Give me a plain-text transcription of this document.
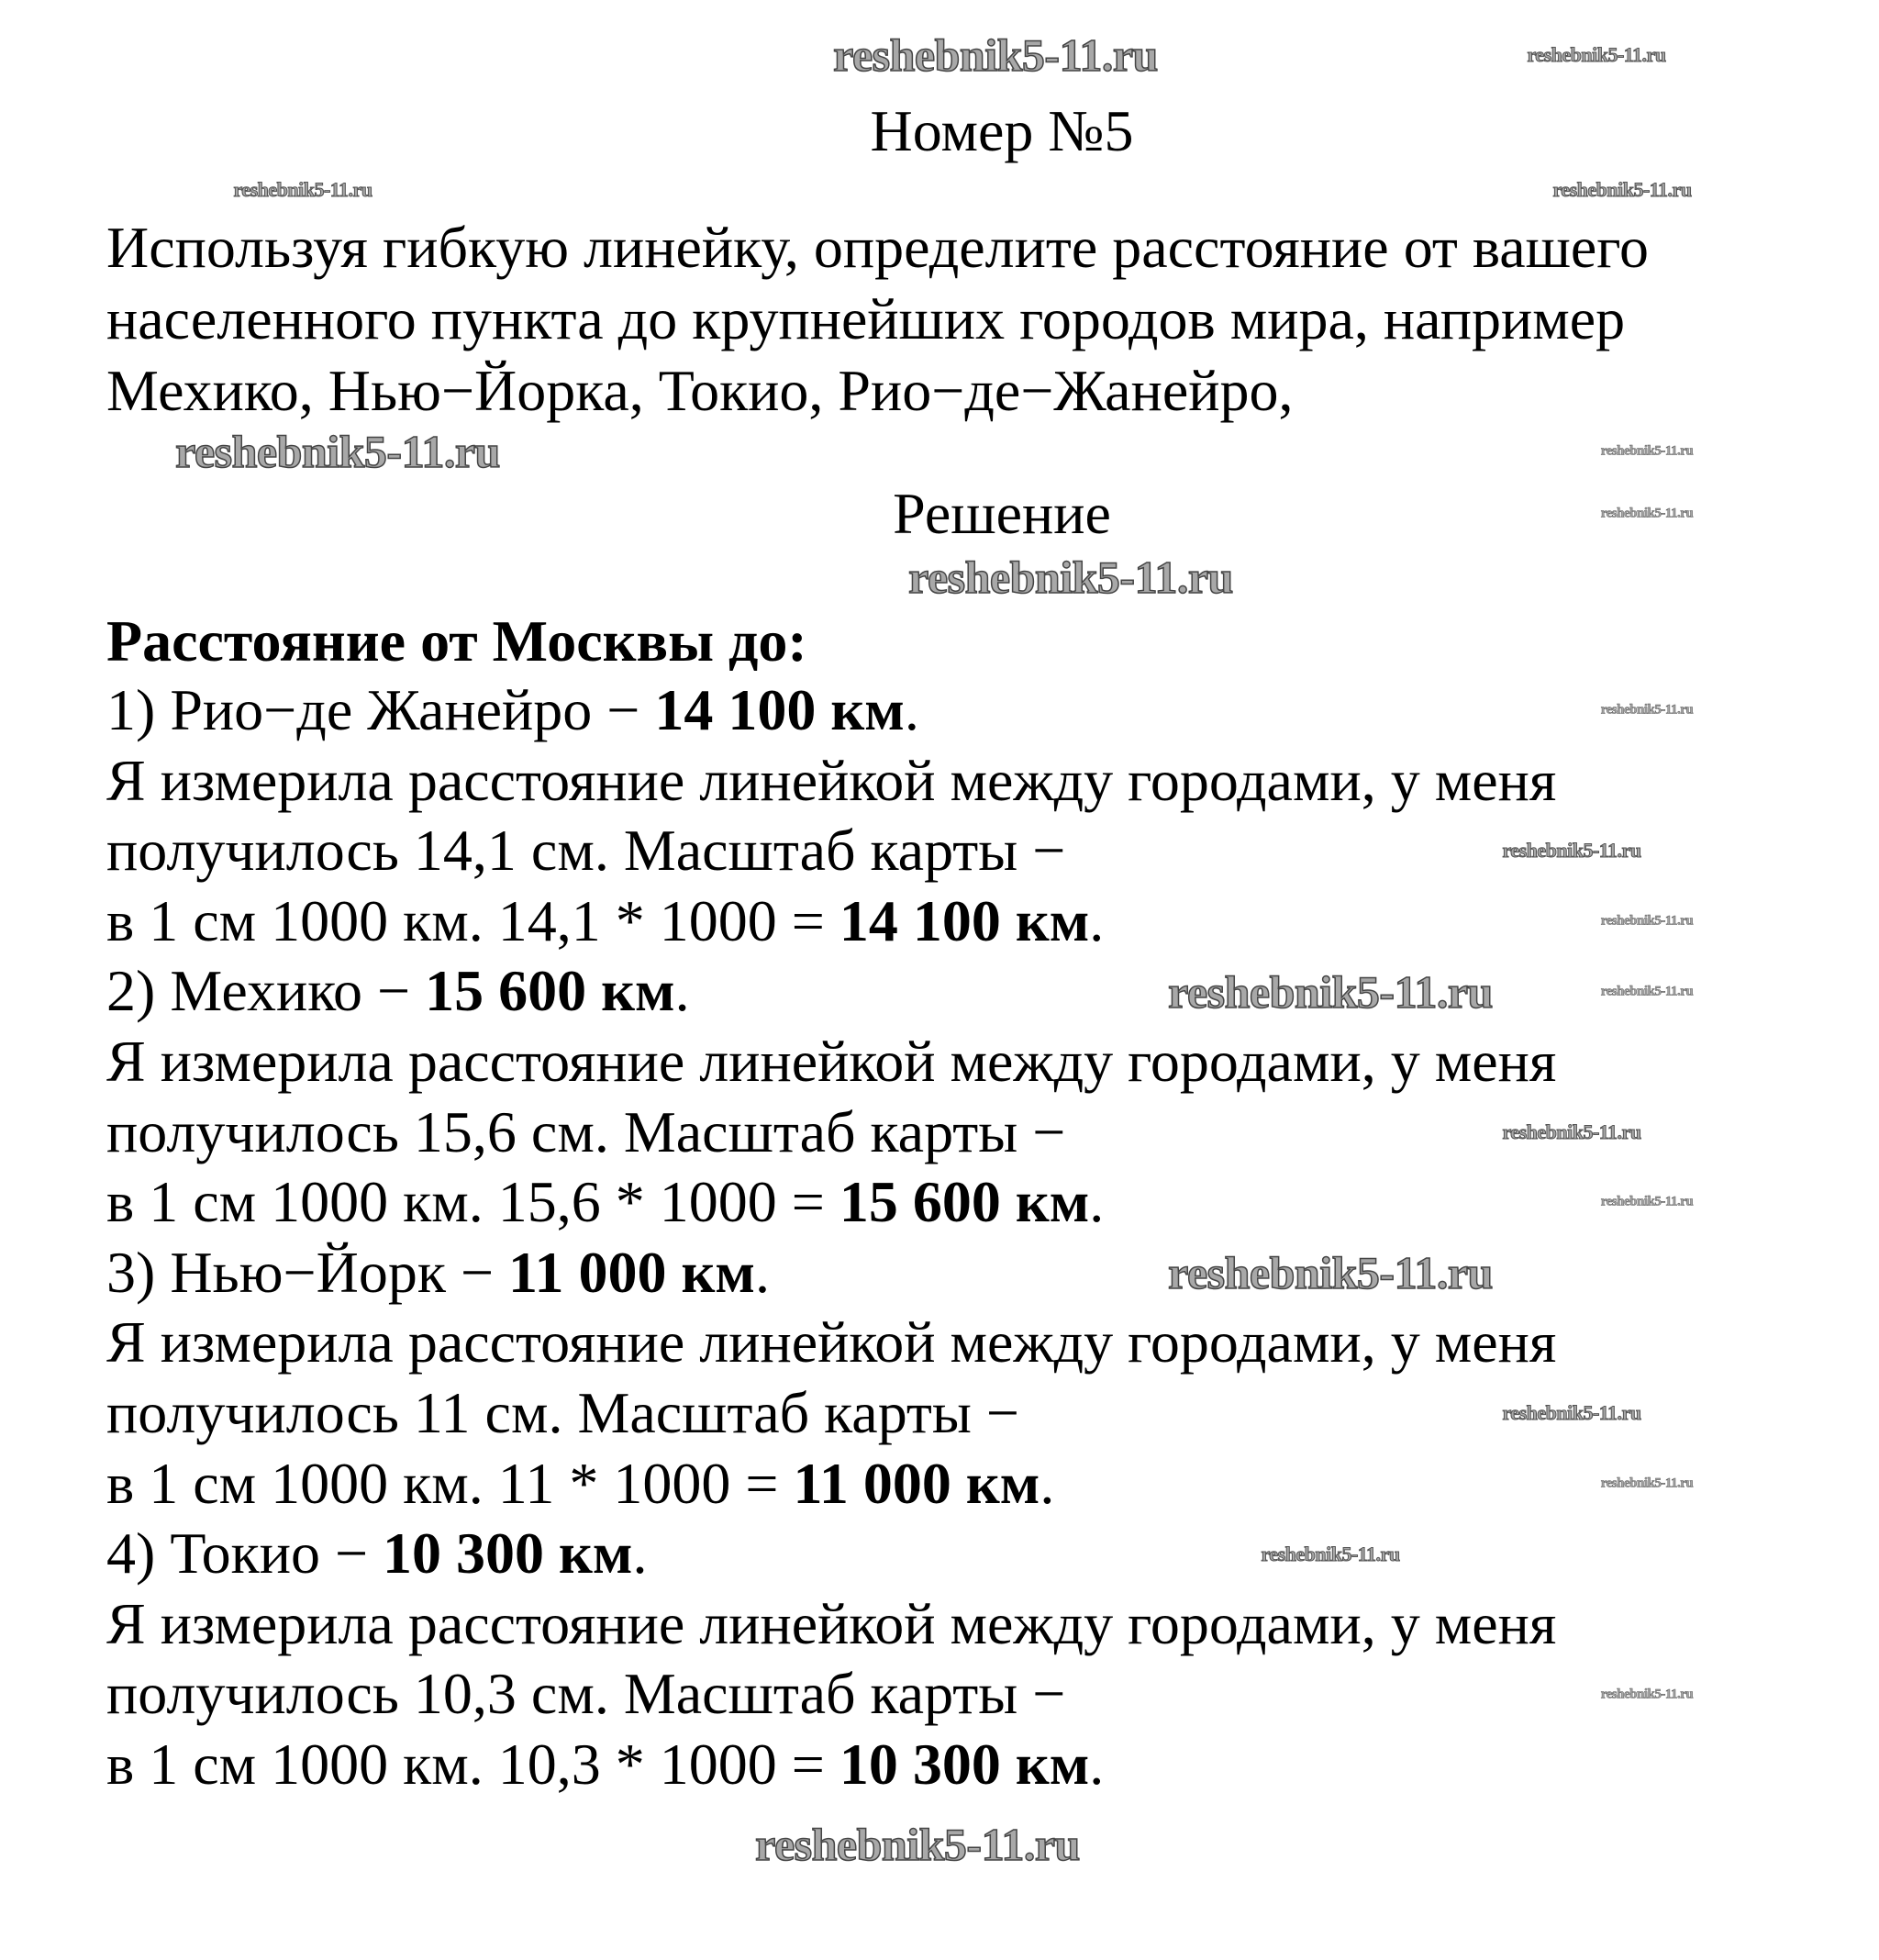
Номер №5
Решение
Используя гибкую линейку, определите расстояние от вашего
населенного пункта до крупнейших городов мира, например
Мехико, Нью−Йорка, Токио, Рио−де−Жанейро,
Расстояние от Москвы до:
1) Рио−де Жанейро − 14 100 км.
Я измерила расстояние линейкой между городами, у меня
получилось 14,1 см. Масштаб карты −
в 1 см 1000 км. 14,1 * 1000 = 14 100 км.
2) Мехико − 15 600 км.
Я измерила расстояние линейкой между городами, у меня
получилось 15,6 см. Масштаб карты −
в 1 см 1000 км. 15,6 * 1000 = 15 600 км.
3) Нью−Йорк − 11 000 км.
Я измерила расстояние линейкой между городами, у меня
получилось 11 см. Масштаб карты −
в 1 см 1000 км. 11 * 1000 = 11 000 км.
4) Токио − 10 300 км.
Я измерила расстояние линейкой между городами, у меня
получилось 10,3 см. Масштаб карты −
в 1 см 1000 км. 10,3 * 1000 = 10 300 км.
reshebnik5-11.ru
reshebnik5-11.ru
reshebnik5-11.ru
reshebnik5-11.ru
reshebnik5-11.ru
reshebnik5-11.ru
reshebnik5-11.ru
reshebnik5-11.ru
reshebnik5-11.ru
reshebnik5-11.ru
reshebnik5-11.ru
reshebnik5-11.ru
reshebnik5-11.ru
reshebnik5-11.ru
reshebnik5-11.ru
reshebnik5-11.ru
reshebnik5-11.ru
reshebnik5-11.ru
reshebnik5-11.ru
reshebnik5-11.ru
reshebnik5-11.ru
